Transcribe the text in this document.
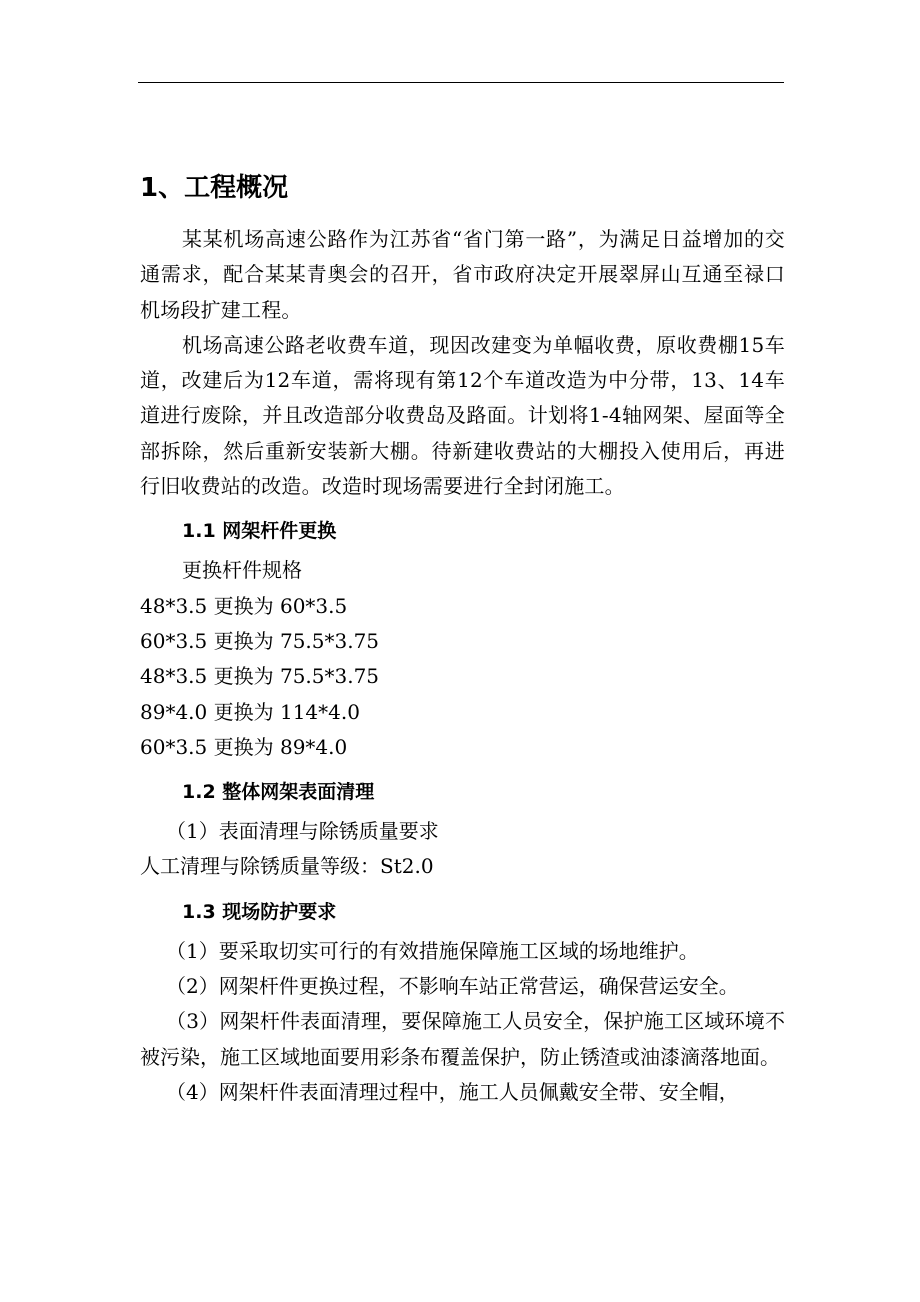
1、工程概况

某某机场高速公路作为江苏省“省门第一路”，为满足日益增加的交通需求，配合某某青奥会的召开，省市政府决定开展翠屏山互通至禄口机场段扩建工程。

机场高速公路老收费车道，现因改建变为单幅收费，原收费棚15车道，改建后为12车道，需将现有第12个车道改造为中分带，13、14车道进行废除，并且改造部分收费岛及路面。计划将1-4轴网架、屋面等全部拆除，然后重新安装新大棚。待新建收费站的大棚投入使用后，再进行旧收费站的改造。改造时现场需要进行全封闭施工。

1.1 网架杆件更换

更换杆件规格

48*3.5 更换为 60*3.5

60*3.5 更换为 75.5*3.75

48*3.5 更换为 75.5*3.75

89*4.0 更换为 114*4.0

60*3.5 更换为 89*4.0

1.2 整体网架表面清理

（1）表面清理与除锈质量要求

人工清理与除锈质量等级：St2.0

1.3 现场防护要求

（1）要采取切实可行的有效措施保障施工区域的场地维护。

（2）网架杆件更换过程，不影响车站正常营运，确保营运安全。

（3）网架杆件表面清理，要保障施工人员安全，保护施工区域环境不被污染，施工区域地面要用彩条布覆盖保护，防止锈渣或油漆滴落地面。

（4）网架杆件表面清理过程中，施工人员佩戴安全带、安全帽，
